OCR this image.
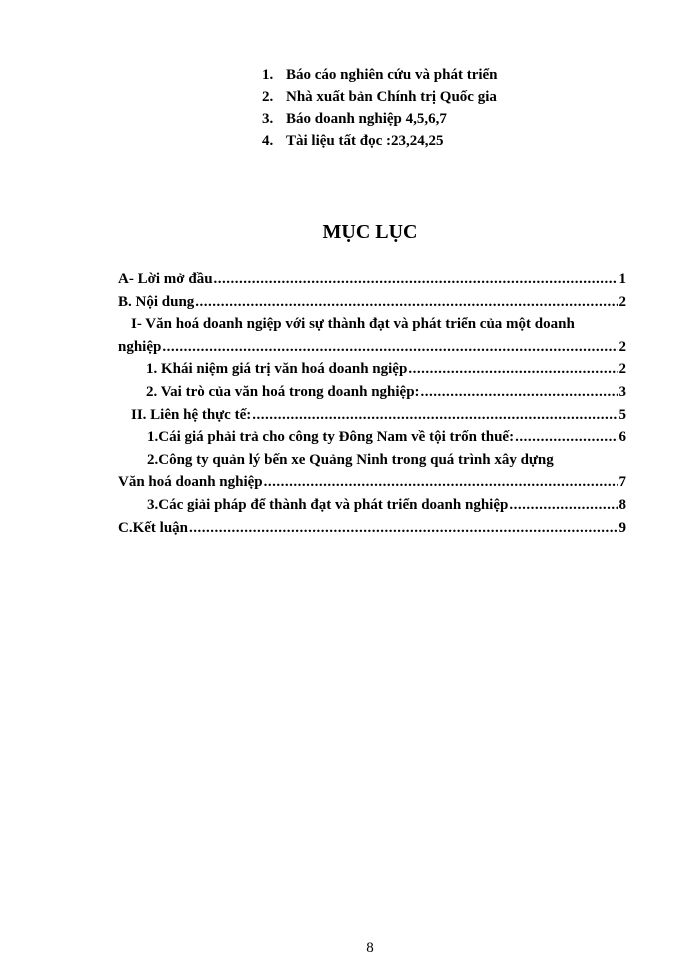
1. Báo cáo nghiên cứu và phát triển
2. Nhà xuất bản Chính trị Quốc gia
3. Báo doanh nghiệp 4,5,6,7
4. Tài liệu tất đọc :23,24,25
MỤC LỤC
A- Lời mở đầu .....	1
B. Nội dung .....	2
I- Văn hoá doanh ngiệp với sự thành đạt và phát triển của một doanh
nghiệp .....	2
1. Khái niệm giá trị văn hoá doanh ngiệp .....	2
2. Vai trò của văn hoá trong doanh nghiệp: .....	3
II. Liên hệ thực tế: .....	5
1.Cái giá phải trả cho công ty Đông Nam về tội trốn thuế: .....	6
2.Công ty quản lý bến xe Quảng Ninh trong quá trình xây dựng
Văn hoá doanh nghiệp .....	7
3.Các giải pháp để thành đạt và phát triển doanh nghiệp .....	8
C.Kết luận .....	9
8
